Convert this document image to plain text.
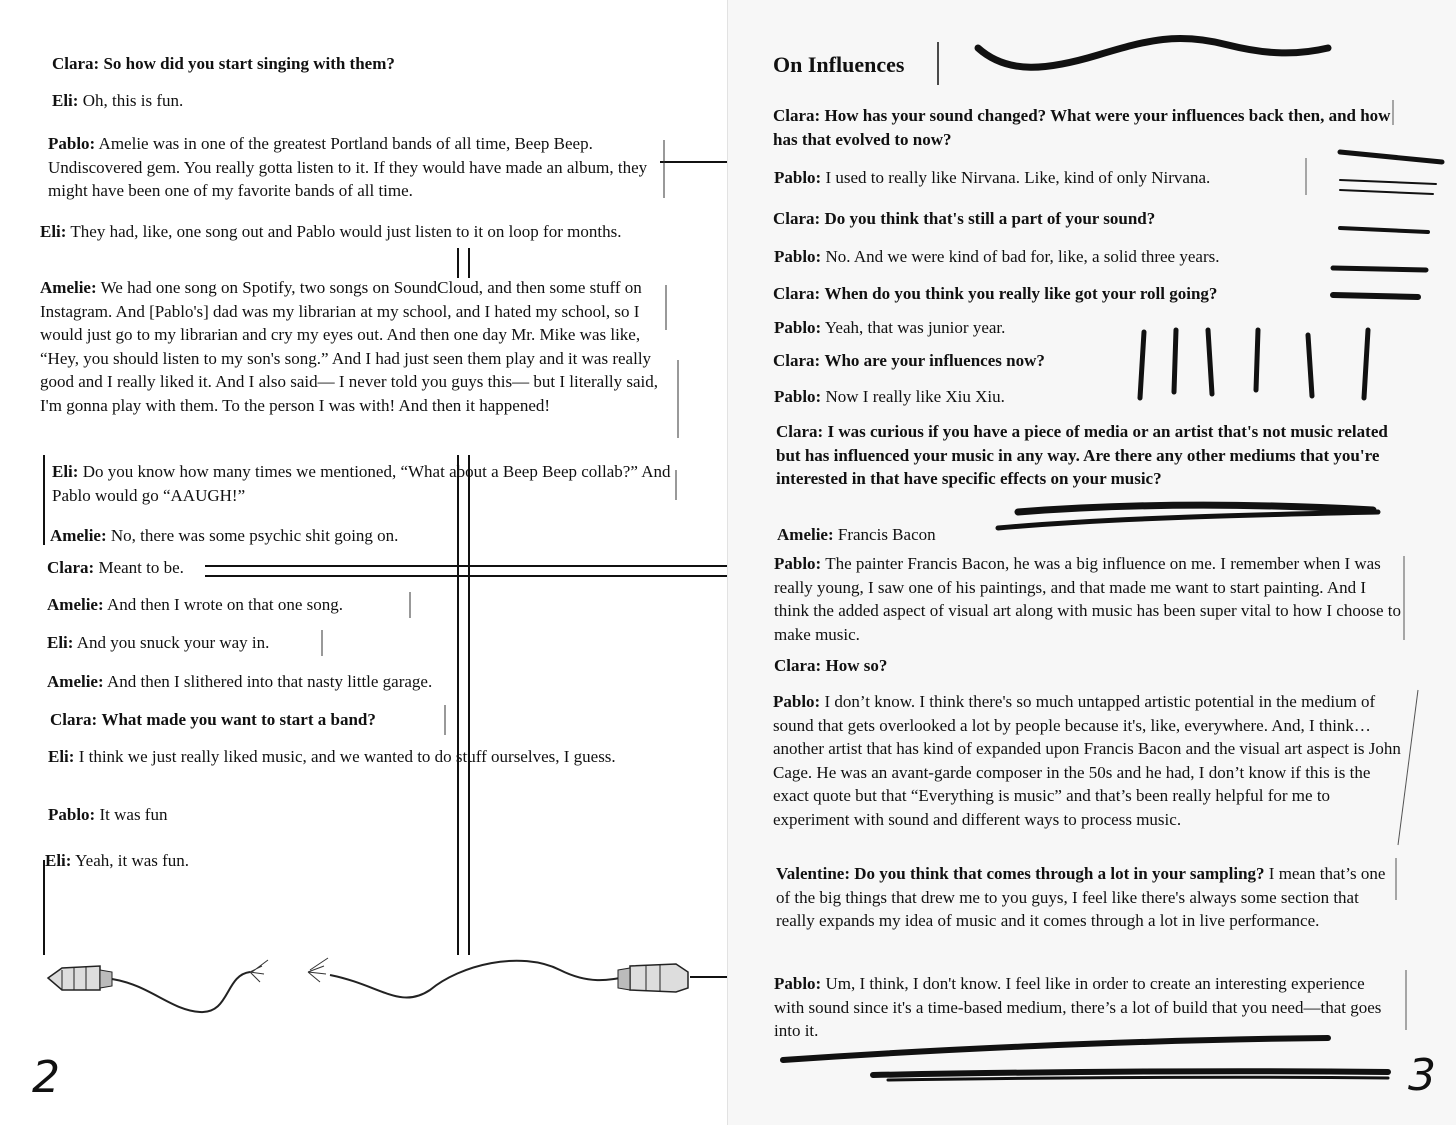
Clara: So how did you start singing with them?
Eli: Oh, this is fun.
Pablo: Amelie was in one of the greatest Portland bands of all time, Beep Beep. Undiscovered gem. You really gotta listen to it. If they would have made an album, they might have been one of my favorite bands of all time.
Eli: They had, like, one song out and Pablo would just listen to it on loop for months.
Amelie: We had one song on Spotify, two songs on SoundCloud, and then some stuff on Instagram. And [Pablo's] dad was my librarian at my school, and I hated my school, so I would just go to my librarian and cry my eyes out. And then one day Mr. Mike was like, “Hey, you should listen to my son's song.” And I had just seen them play and it was really good and I really liked it. And I also said— I never told you guys this— but I literally said, I'm gonna play with them. To the person I was with! And then it happened!
Eli: Do you know how many times we mentioned, “What about a Beep Beep collab?” And Pablo would go “AAUGH!”
Amelie: No, there was some psychic shit going on.
Clara: Meant to be.
Amelie: And then I wrote on that one song.
Eli: And you snuck your way in.
Amelie: And then I slithered into that nasty little garage.
Clara: What made you want to start a band?
Eli: I think we just really liked music, and we wanted to do stuff ourselves, I guess.
Pablo: It was fun
Eli: Yeah, it was fun.
2
On Influences
Clara: How has your sound changed? What were your influences back then, and how has that evolved to now?
Pablo: I used to really like Nirvana. Like, kind of only Nirvana.
Clara: Do you think that's still a part of your sound?
Pablo: No. And we were kind of bad for, like, a solid three years.
Clara: When do you think you really like got your roll going?
Pablo: Yeah, that was junior year.
Clara: Who are your influences now?
Pablo: Now I really like Xiu Xiu.
Clara: I was curious if you have a piece of media or an artist that's not music related but has influenced your music in any way. Are there any other mediums that you're interested in that have specific effects on your music?
Amelie: Francis Bacon
Pablo: The painter Francis Bacon, he was a big influence on me. I remember when I was really young, I saw one of his paintings, and that made me want to start painting. And I think the added aspect of visual art along with music has been super vital to how I choose to make music.
Clara: How so?
Pablo: I don’t know. I think there's so much untapped artistic potential in the medium of sound that gets overlooked a lot by people because it's, like, everywhere. And, I think…another artist that has kind of expanded upon Francis Bacon and the visual art aspect is John Cage. He was an avant-garde composer in the 50s and he had, I don’t know if this is the exact quote but that “Everything is music” and that’s been really helpful for me to experiment with sound and different ways to process music.
Valentine: Do you think that comes through a lot in your sampling? I mean that’s one of the big things that drew me to you guys, I feel like there's always some section that really expands my idea of music and it comes through a lot in live performance.
Pablo: Um, I think, I don't know. I feel like in order to create an interesting experience with sound since it's a time-based medium, there’s a lot of build that you need—that goes into it.
3
